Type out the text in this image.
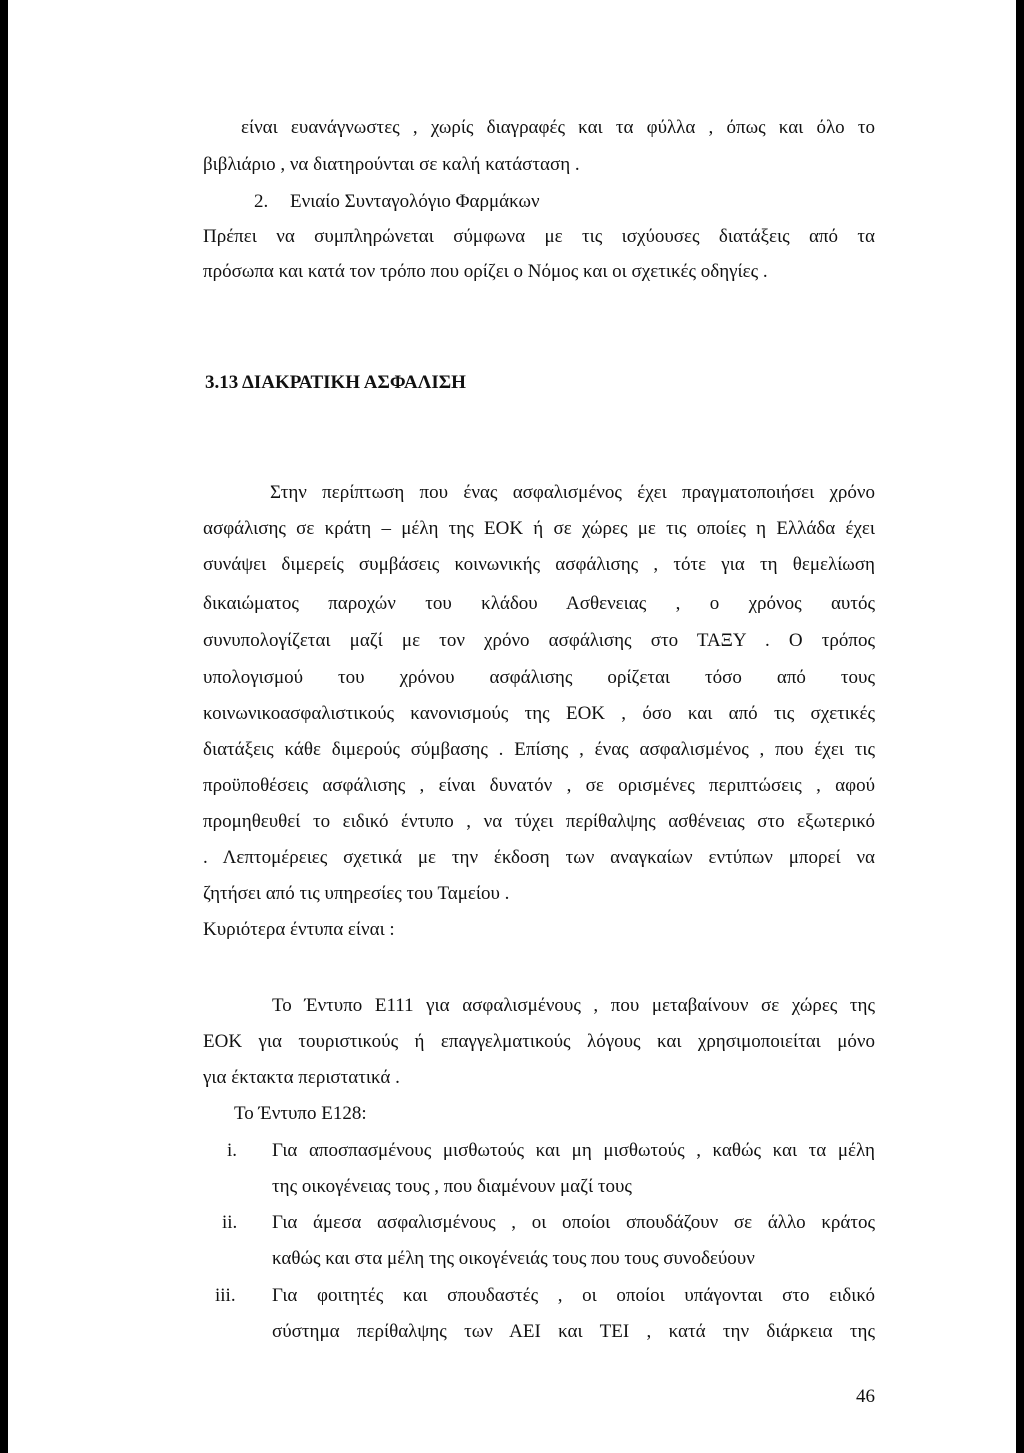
είναι ευανάγνωστες , χωρίς διαγραφές και τα φύλλα , όπως και όλο το
βιβλιάριο , να διατηρούνται σε καλή κατάσταση .
2. Ενιαίο Συνταγολόγιο Φαρμάκων
Πρέπει να συμπληρώνεται σύμφωνα με τις ισχύουσες διατάξεις από τα
πρόσωπα και κατά τον τρόπο που ορίζει ο Νόμος και οι σχετικές οδηγίες .
3.13 ΔΙΑΚΡΑΤΙΚΗ ΑΣΦΑΛΙΣΗ
Στην περίπτωση που ένας ασφαλισμένος έχει πραγματοποιήσει χρόνο
ασφάλισης σε κράτη – μέλη της ΕΟΚ ή σε χώρες με τις οποίες η Ελλάδα έχει
συνάψει διμερείς συμβάσεις κοινωνικής ασφάλισης , τότε για τη θεμελίωση
δικαιώματος παροχών του κλάδου Ασθενειας , ο χρόνος αυτός
συνυπολογίζεται μαζί με τον χρόνο ασφάλισης στο ΤΑΞΥ . Ο τρόπος
υπολογισμού του χρόνου ασφάλισης ορίζεται τόσο από τους
κοινωνικοασφαλιστικούς κανονισμούς της ΕΟΚ , όσο και από τις σχετικές
διατάξεις κάθε διμερούς σύμβασης . Επίσης , ένας ασφαλισμένος , που έχει τις
προϋποθέσεις ασφάλισης , είναι δυνατόν , σε ορισμένες περιπτώσεις , αφού
προμηθευθεί το ειδικό έντυπο , να τύχει περίθαλψης ασθένειας στο εξωτερικό
. Λεπτομέρειες σχετικά με την έκδοση των αναγκαίων εντύπων μπορεί να
ζητήσει από τις υπηρεσίες του Ταμείου .
Κυριότερα έντυπα είναι :
Το Έντυπο Ε111 για ασφαλισμένους , που μεταβαίνουν σε χώρες της
ΕΟΚ για τουριστικούς ή επαγγελματικούς λόγους και χρησιμοποιείται μόνο
για έκτακτα περιστατικά .
Το Έντυπο Ε128:
i. Για αποσπασμένους μισθωτούς και μη μισθωτούς , καθώς και τα μέλη
της οικογένειας τους , που διαμένουν μαζί τους
ii. Για άμεσα ασφαλισμένους , οι οποίοι σπουδάζουν σε άλλο κράτος
καθώς και στα μέλη της οικογένειάς τους που τους συνοδεύουν
iii. Για φοιτητές και σπουδαστές , οι οποίοι υπάγονται στο ειδικό
σύστημα περίθαλψης των ΑΕΙ και ΤΕΙ , κατά την διάρκεια της
46
